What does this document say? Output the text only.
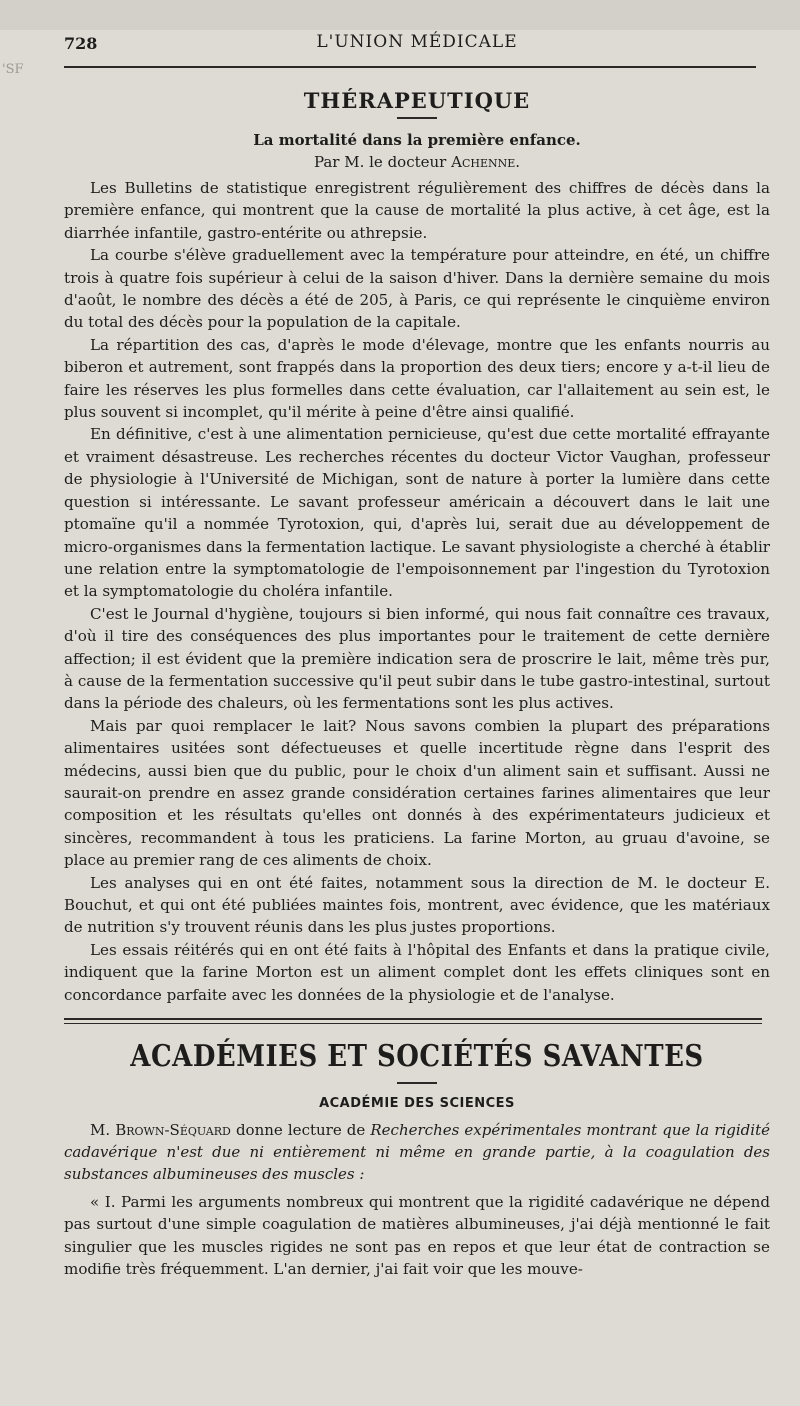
'SF
728	L'UNION MÉDICALE
THÉRAPEUTIQUE
La mortalité dans la première enfance.
Par M. le docteur Achenne.

Les Bulletins de statistique enregistrent régulièrement des chiffres de décès dans la première enfance, qui montrent que la cause de mortalité la plus active, à cet âge, est la diarrhée infantile, gastro-entérite ou athrepsie.

La courbe s'élève graduellement avec la température pour atteindre, en été, un chiffre trois à quatre fois supérieur à celui de la saison d'hiver. Dans la dernière semaine du mois d'août, le nombre des décès a été de 205, à Paris, ce qui représente le cinquième environ du total des décès pour la population de la capitale.

La répartition des cas, d'après le mode d'élevage, montre que les enfants nourris au biberon et autrement, sont frappés dans la proportion des deux tiers; encore y a-t-il lieu de faire les réserves les plus formelles dans cette évaluation, car l'allaitement au sein est, le plus souvent si incomplet, qu'il mérite à peine d'être ainsi qualifié.

En définitive, c'est à une alimentation pernicieuse, qu'est due cette mortalité effrayante et vraiment désastreuse. Les recherches récentes du docteur Victor Vaughan, professeur de physiologie à l'Université de Michigan, sont de nature à porter la lumière dans cette question si intéressante. Le savant professeur américain a découvert dans le lait une ptomaïne qu'il a nommée Tyrotoxion, qui, d'après lui, serait due au développement de micro-organismes dans la fermentation lactique. Le savant physiologiste a cherché à établir une relation entre la symptomatologie de l'empoisonnement par l'ingestion du Tyrotoxion et la symptomatologie du choléra infantile.

C'est le Journal d'hygiène, toujours si bien informé, qui nous fait connaître ces travaux, d'où il tire des conséquences des plus importantes pour le traitement de cette dernière affection; il est évident que la première indication sera de proscrire le lait, même très pur, à cause de la fermentation successive qu'il peut subir dans le tube gastro-intestinal, surtout dans la période des chaleurs, où les fermentations sont les plus actives.

Mais par quoi remplacer le lait? Nous savons combien la plupart des préparations alimentaires usitées sont défectueuses et quelle incertitude règne dans l'esprit des médecins, aussi bien que du public, pour le choix d'un aliment sain et suffisant. Aussi ne saurait-on prendre en assez grande considération certaines farines alimentaires que leur composition et les résultats qu'elles ont donnés à des expérimentateurs judicieux et sincères, recommandent à tous les praticiens. La farine Morton, au gruau d'avoine, se place au premier rang de ces aliments de choix.

Les analyses qui en ont été faites, notamment sous la direction de M. le docteur E. Bouchut, et qui ont été publiées maintes fois, montrent, avec évidence, que les matériaux de nutrition s'y trouvent réunis dans les plus justes proportions.

Les essais réitérés qui en ont été faits à l'hôpital des Enfants et dans la pratique civile, indiquent que la farine Morton est un aliment complet dont les effets cliniques sont en concordance parfaite avec les données de la physiologie et de l'analyse.

ACADÉMIES ET SOCIÉTÉS SAVANTES
ACADÉMIE DES SCIENCES

M. Brown-Séquard donne lecture de Recherches expérimentales montrant que la rigidité cadavérique n'est due ni entièrement ni même en grande partie, à la coagulation des substances albumineuses des muscles :

« I. Parmi les arguments nombreux qui montrent que la rigidité cadavérique ne dépend pas surtout d'une simple coagulation de matières albumineuses, j'ai déjà mentionné le fait singulier que les muscles rigides ne sont pas en repos et que leur état de contraction se modifie très fréquemment. L'an dernier, j'ai fait voir que les mouve-
